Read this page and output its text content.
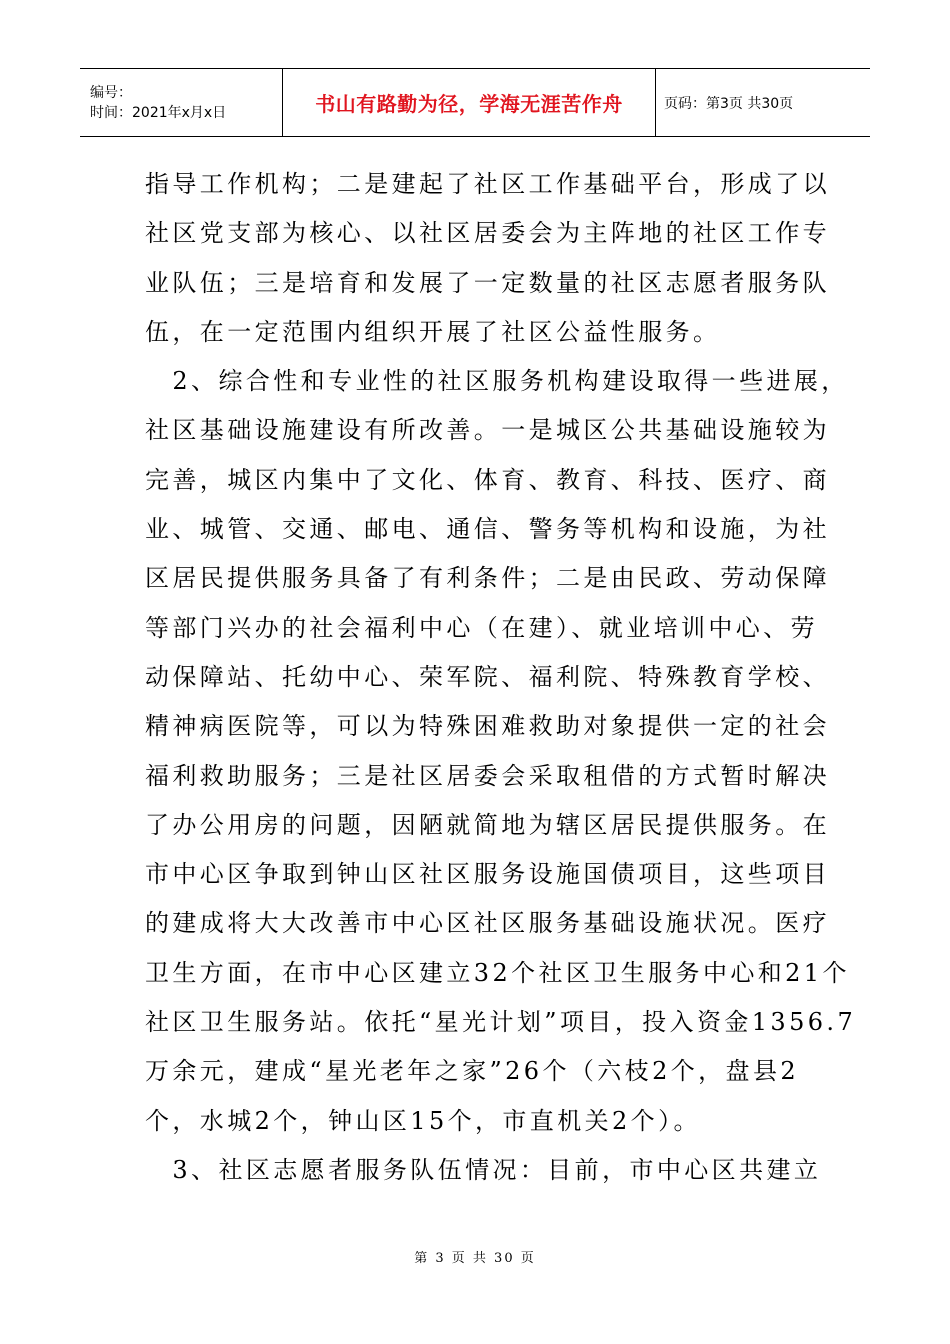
编号：
时间：2021年x月x日	书山有路勤为径，学海无涯苦作舟	页码：第3页 共30页
指导工作机构；二是建起了社区工作基础平台，形成了以
社区党支部为核心、以社区居委会为主阵地的社区工作专
业队伍；三是培育和发展了一定数量的社区志愿者服务队
伍，在一定范围内组织开展了社区公益性服务。
　2、综合性和专业性的社区服务机构建设取得一些进展，
社区基础设施建设有所改善。一是城区公共基础设施较为
完善，城区内集中了文化、体育、教育、科技、医疗、商
业、城管、交通、邮电、通信、警务等机构和设施，为社
区居民提供服务具备了有利条件；二是由民政、劳动保障
等部门兴办的社会福利中心（在建）、就业培训中心、劳
动保障站、托幼中心、荣军院、福利院、特殊教育学校、
精神病医院等，可以为特殊困难救助对象提供一定的社会
福利救助服务；三是社区居委会采取租借的方式暂时解决
了办公用房的问题，因陋就简地为辖区居民提供服务。在
市中心区争取到钟山区社区服务设施国债项目，这些项目
的建成将大大改善市中心区社区服务基础设施状况。医疗
卫生方面，在市中心区建立32个社区卫生服务中心和21个
社区卫生服务站。依托“星光计划”项目，投入资金1356.7
万余元，建成“星光老年之家”26个（六枝2个，盘县2
个，水城2个，钟山区15个，市直机关2个）。
　3、社区志愿者服务队伍情况：目前，市中心区共建立
第 3 页 共 30 页
